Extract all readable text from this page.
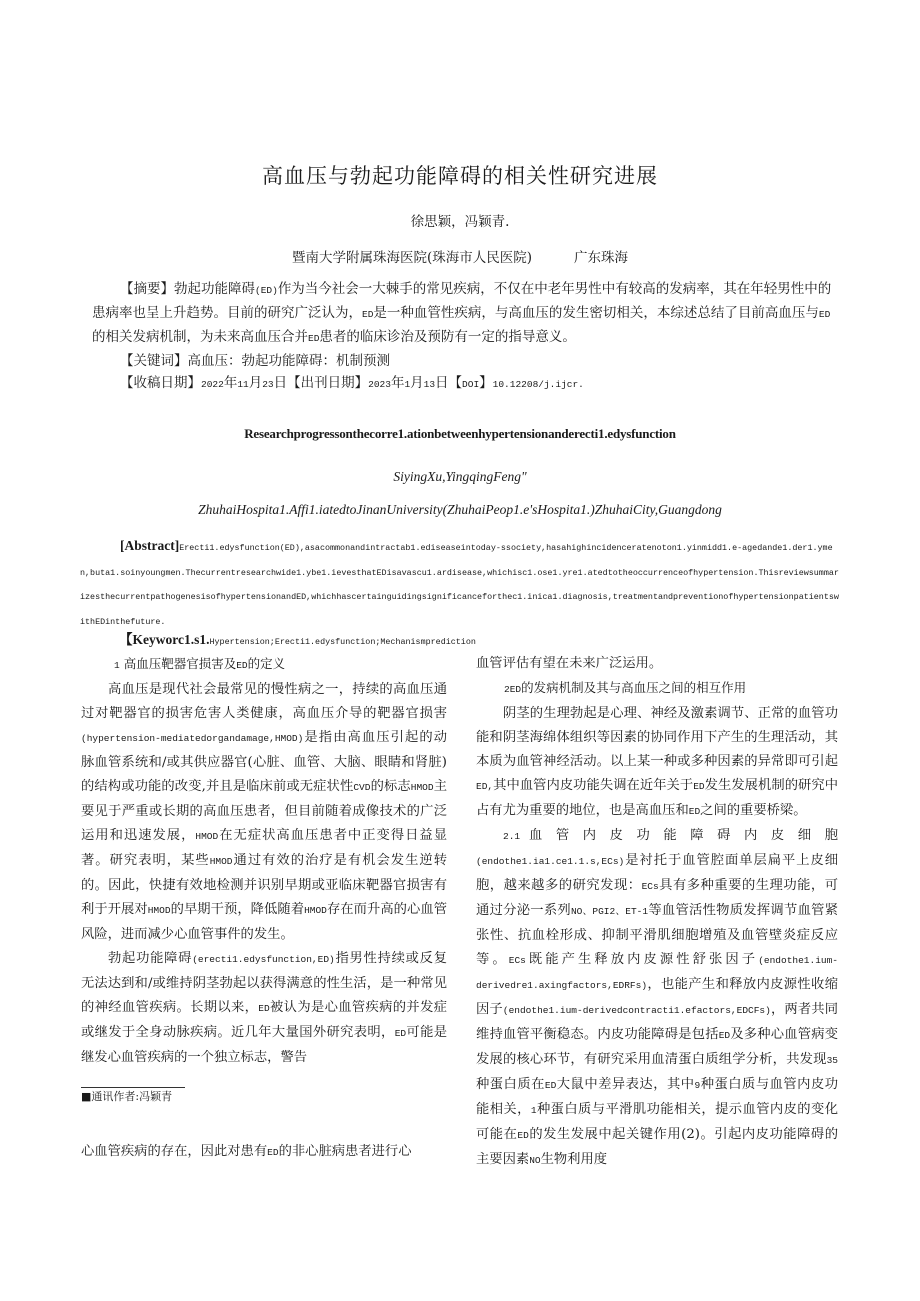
高血压与勃起功能障碍的相关性研究进展
徐思颖，冯颖青.
暨南大学附属珠海医院(珠海市人民医院)	广东珠海

【摘要】勃起功能障碍(ED)作为当今社会一大棘手的常见疾病，不仅在中老年男性中有较高的发病率，其在年轻男性中的患病率也呈上升趋势。目前的研究广泛认为，ED是一种血管性疾病，与高血压的发生密切相关，本综述总结了目前高血压与ED的相关发病机制，为未来高血压合并ED患者的临床诊治及预防有一定的指导意义。

【关键词】高血压：勃起功能障碍：机制预测

【收稿日期】2022年11月23日【出刊日期】2023年1月13日【DOI】10.12208/j.ijcr.

Researchprogressonthecorre1.ationbetweenhypertensionanderecti1.edysfunction
SiyingXu,YingqingFeng"
ZhuhaiHospita1.Affi1.iatedtoJinanUniversity(ZhuhaiPeop1.e'sHospita1.)ZhuhaiCity,Guangdong
[Abstract]Erecti1.edysfunction(ED),asacommonandintractab1.ediseaseintoday-ssociety,hasahighincidenceratenoton1.yinmidd1.e-agedande1.der1.ymen,buta1.soinyoungmen.Thecurrentresearchwide1.ybe1.ievesthatEDisavascu1.ardisease,whichisc1.ose1.yre1.atedtotheoccurrenceofhypertension.ThisreviewsummarizesthecurrentpathogenesisofhypertensionandED,whichhascertainguidingsignificanceforthec1.inica1.diagnosis,treatmentandpreventionofhypertensionpatientswithEDinthefuture.
【Keyworc1.s1.Hypertension;Erecti1.edysfunction;Mechanismprediction

1 高血压靶器官损害及ED的定义

高血压是现代社会最常见的慢性病之一，持续的高血压通过对靶器官的损害危害人类健康，高血压介导的靶器官损害(hypertension-mediatedorgandamage,HMOD)是指由高血压引起的动脉血管系统和/或其供应器官(心脏、血管、大脑、眼睛和肾脏)的结构或功能的改变,并且是临床前或无症状性CVD的标志HMOD主要见于严重或长期的高血压患者，但目前随着成像技术的广泛运用和迅速发展，HMOD在无症状高血压患者中正变得日益显著。研究表明，某些HMOD通过有效的治疗是有机会发生逆转的。因此，快捷有效地检测并识别早期或亚临床靶器官损害有利于开展对HMOD的早期干预，降低随着HMOD存在而升高的心血管风险，进而减少心血管事件的发生。

勃起功能障碍(erecti1.edysfunction,ED)指男性持续或反复无法达到和/或维持阴茎勃起以获得满意的性生活，是一种常见的神经血管疾病。长期以来，ED被认为是心血管疾病的并发症或继发于全身动脉疾病。近几年大量国外研究表明，ED可能是继发心血管疾病的一个独立标志，警告

■通讯作者:冯颖青

心血管疾病的存在，因此对患有ED的非心脏病患者进行心

血管评估有望在未来广泛运用。

2ED的发病机制及其与高血压之间的相互作用

阴茎的生理勃起是心理、神经及激素调节、正常的血管功能和阴茎海绵体组织等因素的协同作用下产生的生理活动，其本质为血管神经活动。以上某一种或多种因素的异常即可引起ED,其中血管内皮功能失调在近年关于ED发生发展机制的研究中占有尤为重要的地位，也是高血压和ED之间的重要桥梁。

2.1 血 管 内 皮 功 能 障 碍 内 皮 细 胞(endothe1.ia1.ce1.1.s,ECs)是衬托于血管腔面单层扁平上皮细胞，越来越多的研究发现：ECs具有多种重要的生理功能，可通过分泌一系列NO、PGI2、ET-1等血管活性物质发挥调节血管紧张性、抗血栓形成、抑制平滑肌细胞增殖及血管壁炎症反应等。ECs既能产生释放内皮源性舒张因子(endothe1.ium-derivedre1.axingfactors,EDRFs)，也能产生和释放内皮源性收缩因子(endothe1.ium-derivedcontracti1.efactors,EDCFs)，两者共同维持血管平衡稳态。内皮功能障碍是包括ED及多种心血管病变发展的核心环节，有研究采用血清蛋白质组学分析，共发现35种蛋白质在ED大鼠中差异表达，其中9种蛋白质与血管内皮功能相关，1种蛋白质与平滑肌功能相关，提示血管内皮的变化可能在ED的发生发展中起关键作用(2)。引起内皮功能障碍的主要因素NO生物利用度
